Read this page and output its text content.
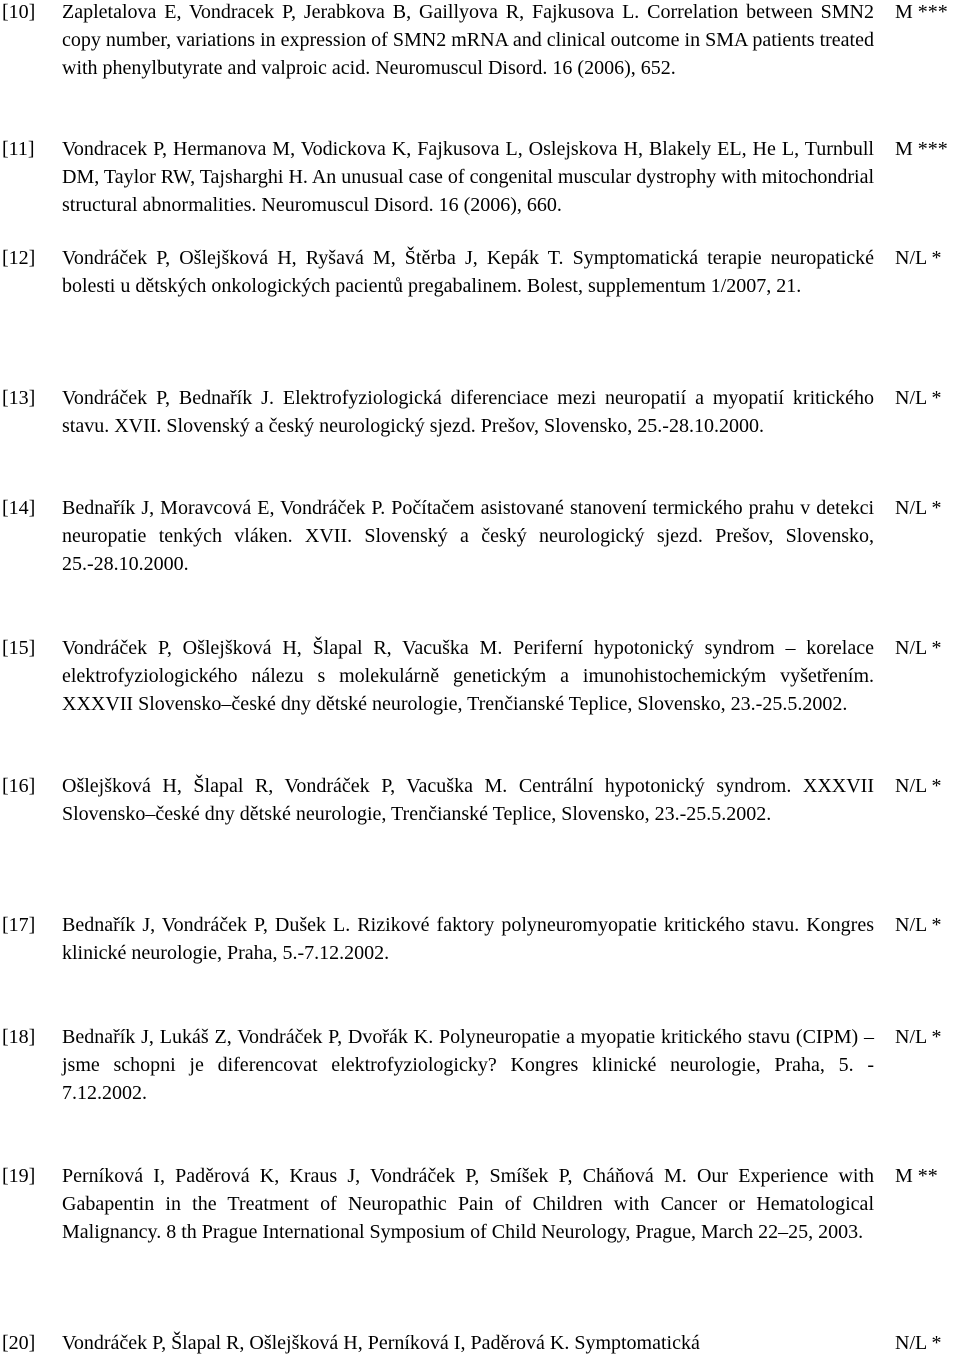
[10] Zapletalova E, Vondracek P, Jerabkova B, Gaillyova R, Fajkusova L. Correlation between SMN2 copy number, variations in expression of SMN2 mRNA and clinical outcome in SMA patients treated with phenylbutyrate and valproic acid. Neuromuscul Disord. 16 (2006), 652.
M ***
[11] Vondracek P, Hermanova M, Vodickova K, Fajkusova L, Oslejskova H, Blakely EL, He L, Turnbull DM, Taylor RW, Tajsharghi H. An unusual case of congenital muscular dystrophy with mitochondrial structural abnormalities. Neuromuscul Disord. 16 (2006), 660.
M ***
[12] Vondráček P, Ošlejšková H, Ryšavá M, Štěrba J, Kepák T. Symptomatická terapie neuropatické bolesti u dětských onkologických pacientů pregabalinem. Bolest, supplementum 1/2007, 21.
N/L *
[13] Vondráček P, Bednařík J. Elektrofyziologická diferenciace mezi neuropatií a myopatií kritického stavu. XVII. Slovenský a český neurologický sjezd. Prešov, Slovensko, 25.-28.10.2000.
N/L *
[14] Bednařík J, Moravcová E, Vondráček P. Počítačem asistované stanovení termického prahu v detekci neuropatie tenkých vláken. XVII. Slovenský a český neurologický sjezd. Prešov, Slovensko, 25.-28.10.2000.
N/L *
[15] Vondráček P, Ošlejšková H, Šlapal R, Vacuška M. Periferní hypotonický syndrom – korelace elektrofyziologického nálezu s molekulárně genetickým a imunohistochemickým vyšetřením. XXXVII Slovensko–české dny dětské neurologie, Trenčianské Teplice, Slovensko, 23.-25.5.2002.
N/L *
[16] Ošlejšková H, Šlapal R, Vondráček P, Vacuška M. Centrální hypotonický syndrom. XXXVII Slovensko–české dny dětské neurologie, Trenčianské Teplice, Slovensko, 23.-25.5.2002.
N/L *
[17] Bednařík J, Vondráček P, Dušek L. Rizikové faktory polyneuromyopatie kritického stavu. Kongres klinické neurologie, Praha, 5.-7.12.2002.
N/L *
[18] Bednařík J, Lukáš Z, Vondráček P, Dvořák K. Polyneuropatie a myopatie kritického stavu (CIPM) – jsme schopni je diferencovat elektrofyziologicky? Kongres klinické neurologie, Praha, 5. - 7.12.2002.
N/L *
[19] Perníková I, Paděrová K, Kraus J, Vondráček P, Smíšek P, Cháňová M. Our Experience with Gabapentin in the Treatment of Neuropathic Pain of Children with Cancer or Hematological Malignancy. 8 th Prague International Symposium of Child Neurology, Prague, March 22–25, 2003.
M **
[20] Vondráček P, Šlapal R, Ošlejšková H, Perníková I, Paděrová K. Symptomatická	N/L *
